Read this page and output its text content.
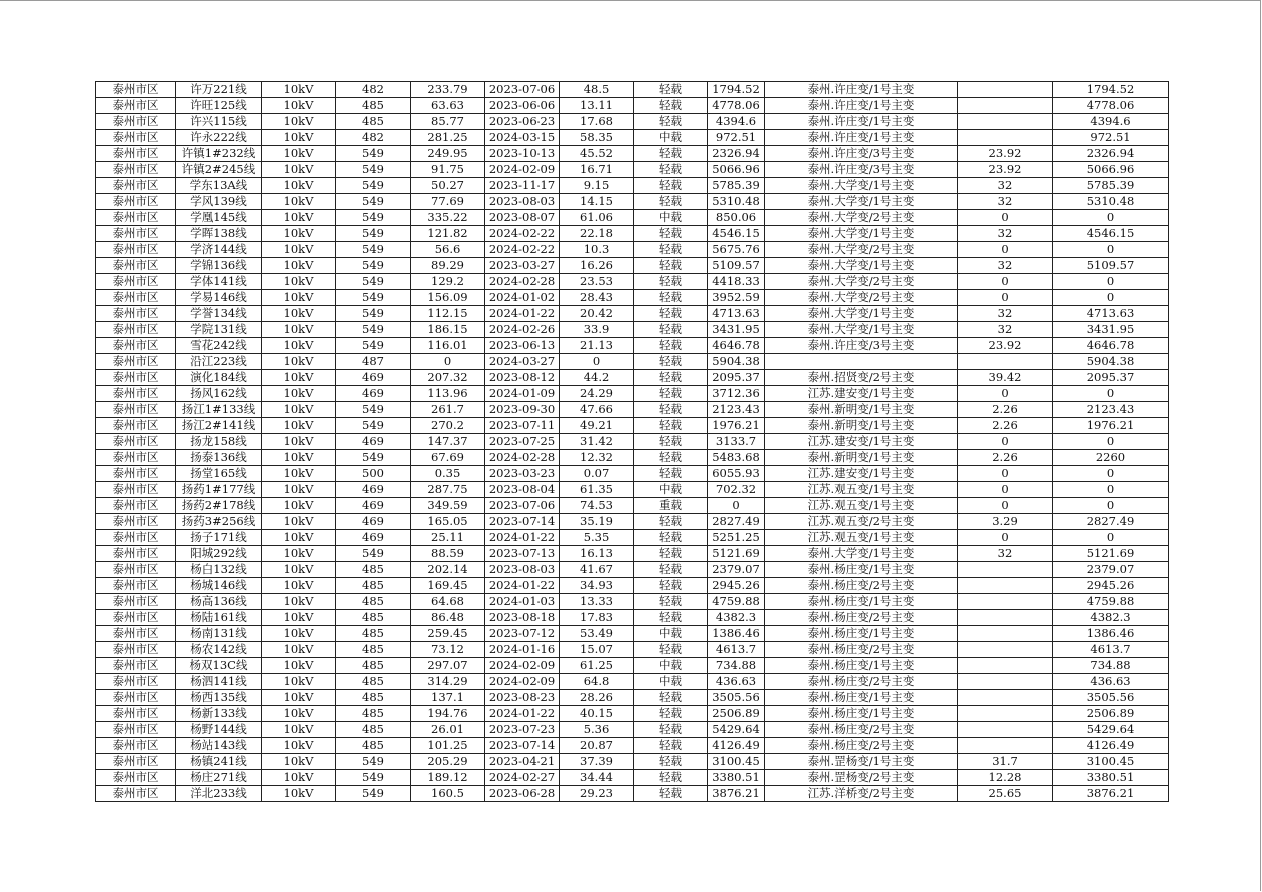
泰州市区	许万221线	10kV	482	233.79	2023-07-06	48.5	轻载	1794.52	泰州.许庄变/1号主变		1794.52
泰州市区	许旺125线	10kV	485	63.63	2023-06-06	13.11	轻载	4778.06	泰州.许庄变/1号主变		4778.06
泰州市区	许兴115线	10kV	485	85.77	2023-06-23	17.68	轻载	4394.6	泰州.许庄变/1号主变		4394.6
泰州市区	许永222线	10kV	482	281.25	2024-03-15	58.35	中载	972.51	泰州.许庄变/1号主变		972.51
泰州市区	许镇1#232线	10kV	549	249.95	2023-10-13	45.52	轻载	2326.94	泰州.许庄变/3号主变	23.92	2326.94
泰州市区	许镇2#245线	10kV	549	91.75	2024-02-09	16.71	轻载	5066.96	泰州.许庄变/3号主变	23.92	5066.96
泰州市区	学东13A线	10kV	549	50.27	2023-11-17	9.15	轻载	5785.39	泰州.大学变/1号主变	32	5785.39
泰州市区	学风139线	10kV	549	77.69	2023-08-03	14.15	轻载	5310.48	泰州.大学变/1号主变	32	5310.48
泰州市区	学凰145线	10kV	549	335.22	2023-08-07	61.06	中载	850.06	泰州.大学变/2号主变	0	0
泰州市区	学晖138线	10kV	549	121.82	2024-02-22	22.18	轻载	4546.15	泰州.大学变/1号主变	32	4546.15
泰州市区	学济144线	10kV	549	56.6	2024-02-22	10.3	轻载	5675.76	泰州.大学变/2号主变	0	0
泰州市区	学锦136线	10kV	549	89.29	2023-03-27	16.26	轻载	5109.57	泰州.大学变/1号主变	32	5109.57
泰州市区	学体141线	10kV	549	129.2	2024-02-28	23.53	轻载	4418.33	泰州.大学变/2号主变	0	0
泰州市区	学易146线	10kV	549	156.09	2024-01-02	28.43	轻载	3952.59	泰州.大学变/2号主变	0	0
泰州市区	学誉134线	10kV	549	112.15	2024-01-22	20.42	轻载	4713.63	泰州.大学变/1号主变	32	4713.63
泰州市区	学院131线	10kV	549	186.15	2024-02-26	33.9	轻载	3431.95	泰州.大学变/1号主变	32	3431.95
泰州市区	雪花242线	10kV	549	116.01	2023-06-13	21.13	轻载	4646.78	泰州.许庄变/3号主变	23.92	4646.78
泰州市区	沿江223线	10kV	487	0	2024-03-27	0	轻载	5904.38			5904.38
泰州市区	演化184线	10kV	469	207.32	2023-08-12	44.2	轻载	2095.37	泰州.招贤变/2号主变	39.42	2095.37
泰州市区	扬风162线	10kV	469	113.96	2024-01-09	24.29	轻载	3712.36	江苏.建安变/1号主变	0	0
泰州市区	扬江1#133线	10kV	549	261.7	2023-09-30	47.66	轻载	2123.43	泰州.新明变/1号主变	2.26	2123.43
泰州市区	扬江2#141线	10kV	549	270.2	2023-07-11	49.21	轻载	1976.21	泰州.新明变/1号主变	2.26	1976.21
泰州市区	扬龙158线	10kV	469	147.37	2023-07-25	31.42	轻载	3133.7	江苏.建安变/1号主变	0	0
泰州市区	扬泰136线	10kV	549	67.69	2024-02-28	12.32	轻载	5483.68	泰州.新明变/1号主变	2.26	2260
泰州市区	扬堂165线	10kV	500	0.35	2023-03-23	0.07	轻载	6055.93	江苏.建安变/1号主变	0	0
泰州市区	扬药1#177线	10kV	469	287.75	2023-08-04	61.35	中载	702.32	江苏.观五变/1号主变	0	0
泰州市区	扬药2#178线	10kV	469	349.59	2023-07-06	74.53	重载	0	江苏.观五变/1号主变	0	0
泰州市区	扬药3#256线	10kV	469	165.05	2023-07-14	35.19	轻载	2827.49	江苏.观五变/2号主变	3.29	2827.49
泰州市区	扬子171线	10kV	469	25.11	2024-01-22	5.35	轻载	5251.25	江苏.观五变/1号主变	0	0
泰州市区	阳城292线	10kV	549	88.59	2023-07-13	16.13	轻载	5121.69	泰州.大学变/1号主变	32	5121.69
泰州市区	杨白132线	10kV	485	202.14	2023-08-03	41.67	轻载	2379.07	泰州.杨庄变/1号主变		2379.07
泰州市区	杨城146线	10kV	485	169.45	2024-01-22	34.93	轻载	2945.26	泰州.杨庄变/2号主变		2945.26
泰州市区	杨高136线	10kV	485	64.68	2024-01-03	13.33	轻载	4759.88	泰州.杨庄变/1号主变		4759.88
泰州市区	杨陆161线	10kV	485	86.48	2023-08-18	17.83	轻载	4382.3	泰州.杨庄变/2号主变		4382.3
泰州市区	杨南131线	10kV	485	259.45	2023-07-12	53.49	中载	1386.46	泰州.杨庄变/1号主变		1386.46
泰州市区	杨农142线	10kV	485	73.12	2024-01-16	15.07	轻载	4613.7	泰州.杨庄变/2号主变		4613.7
泰州市区	杨双13C线	10kV	485	297.07	2024-02-09	61.25	中载	734.88	泰州.杨庄变/1号主变		734.88
泰州市区	杨泗141线	10kV	485	314.29	2024-02-09	64.8	中载	436.63	泰州.杨庄变/2号主变		436.63
泰州市区	杨西135线	10kV	485	137.1	2023-08-23	28.26	轻载	3505.56	泰州.杨庄变/1号主变		3505.56
泰州市区	杨新133线	10kV	485	194.76	2024-01-22	40.15	轻载	2506.89	泰州.杨庄变/1号主变		2506.89
泰州市区	杨野144线	10kV	485	26.01	2023-07-23	5.36	轻载	5429.64	泰州.杨庄变/2号主变		5429.64
泰州市区	杨站143线	10kV	485	101.25	2023-07-14	20.87	轻载	4126.49	泰州.杨庄变/2号主变		4126.49
泰州市区	杨镇241线	10kV	549	205.29	2023-04-21	37.39	轻载	3100.45	泰州.罡杨变/1号主变	31.7	3100.45
泰州市区	杨庄271线	10kV	549	189.12	2024-02-27	34.44	轻载	3380.51	泰州.罡杨变/2号主变	12.28	3380.51
泰州市区	洋北233线	10kV	549	160.5	2023-06-28	29.23	轻载	3876.21	江苏.洋桥变/2号主变	25.65	3876.21
